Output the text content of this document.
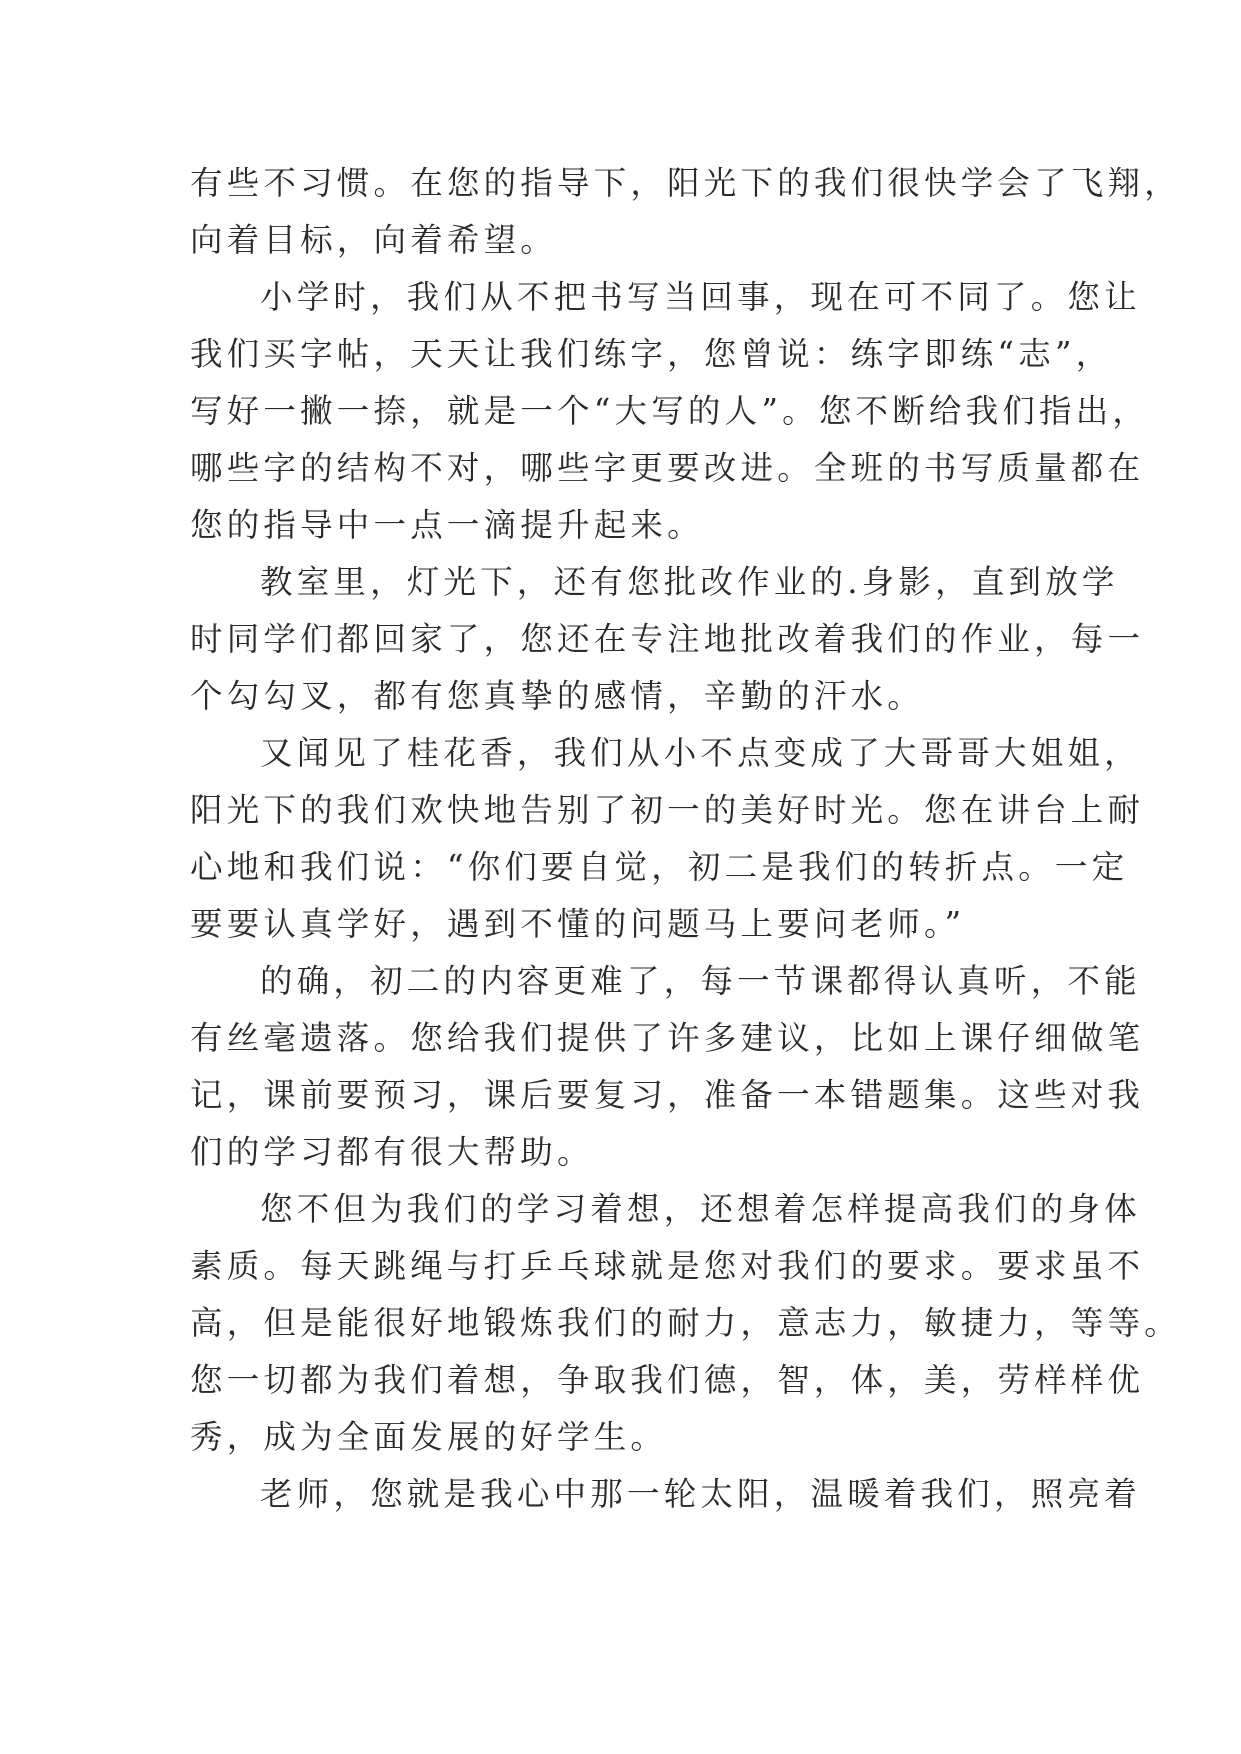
有些不习惯。在您的指导下，阳光下的我们很快学会了飞翔，
向着目标，向着希望。
小学时，我们从不把书写当回事，现在可不同了。您让
我们买字帖，天天让我们练字，您曾说：练字即练“志”，
写好一撇一捺，就是一个“大写的人”。您不断给我们指出，
哪些字的结构不对，哪些字更要改进。全班的书写质量都在
您的指导中一点一滴提升起来。
教室里，灯光下，还有您批改作业的.身影，直到放学
时同学们都回家了，您还在专注地批改着我们的作业，每一
个勾勾叉，都有您真挚的感情，辛勤的汗水。
又闻见了桂花香，我们从小不点变成了大哥哥大姐姐，
阳光下的我们欢快地告别了初一的美好时光。您在讲台上耐
心地和我们说：“你们要自觉，初二是我们的转折点。一定
要要认真学好，遇到不懂的问题马上要问老师。”
的确，初二的内容更难了，每一节课都得认真听，不能
有丝毫遗落。您给我们提供了许多建议，比如上课仔细做笔
记，课前要预习，课后要复习，准备一本错题集。这些对我
们的学习都有很大帮助。
您不但为我们的学习着想，还想着怎样提高我们的身体
素质。每天跳绳与打乒乓球就是您对我们的要求。要求虽不
高，但是能很好地锻炼我们的耐力，意志力，敏捷力，等等。
您一切都为我们着想，争取我们德，智，体，美，劳样样优
秀，成为全面发展的好学生。
老师，您就是我心中那一轮太阳，温暖着我们，照亮着
